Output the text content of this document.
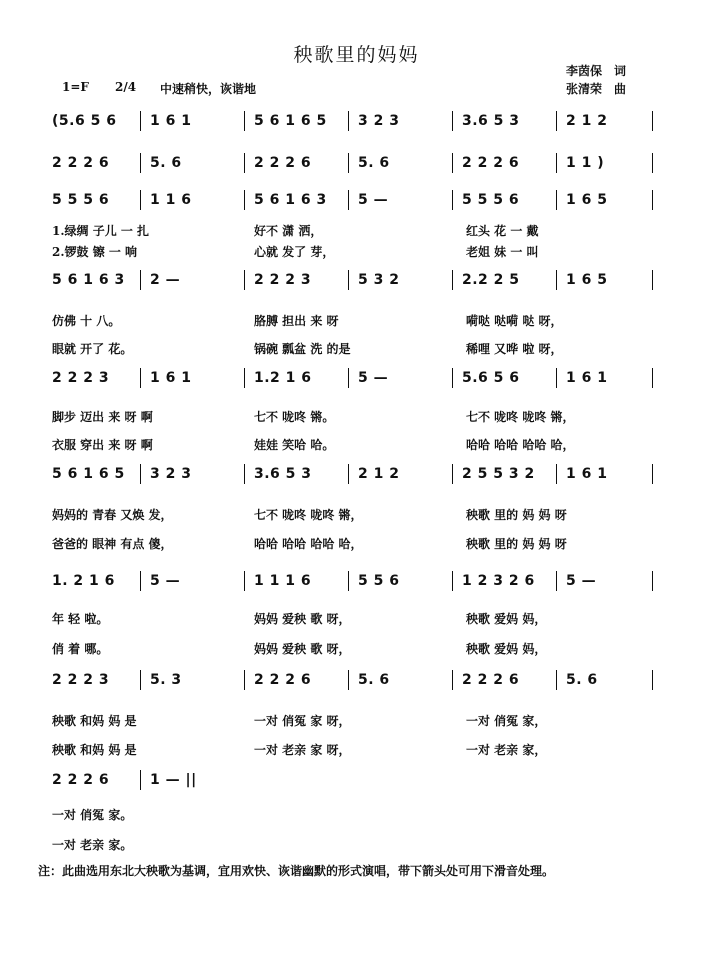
秧歌里的妈妈
李茵保　词
张清荣　曲
1=F 2/4 中速稍快，诙谐地
(5.6 5 6 1 6 1	5 6 1 6 5 3 2 3	3.6 5 3	2 1 2
2 2 2 6	5. 6	2 2 2 6	5. 6	2 2 2 6	1 1 )
5 5 5 6	1 1 6	5 6 1 6 3 5 —	5 5 5 6	1 6 5
1.绿绸 子儿 一 扎	好不 潇 洒，	红头 花 一 戴
2.锣鼓 镲 一 响	心就 发了 芽，	老姐 妹 一 叫
5 6 1 6 3 2 —	2 2 2 3	5 3 2	2.2 2 5	1 6 5
仿佛 十 八。	胳膊 担出 来 呀	嗬哒 哒嗬 哒 呀，
眼就 开了 花。	锅碗 瓢盆 洗 的是	稀哩 又哗 啦 呀，
2 2 2 3	1 6 1	1.2 1 6	5 —	5.6 5 6	1 6 1
脚步 迈出 来 呀 啊	七不 咙咚 锵。	七不 咙咚 咙咚 锵，
衣服 穿出 来 呀 啊	娃娃 笑哈 哈。	哈哈 哈哈 哈哈 哈，
5 6 1 6 5 3 2 3	3.6 5 3	2 1 2	2 5 5 3 2 1 6 1
妈妈的 青春 又焕 发，	七不 咙咚 咙咚 锵，	秧歌 里的 妈 妈 呀
爸爸的 眼神 有点 傻，	哈哈 哈哈 哈哈 哈，	秧歌 里的 妈 妈 呀
1. 2 1 6	5 —	1 1 1 6	5 5 6	1 2 3 2 6 5 —
年 轻 啦。	妈妈 爱秧 歌 呀，	秧歌 爱妈 妈，
俏 着 哪。	妈妈 爱秧 歌 呀，	秧歌 爱妈 妈，
2 2 2 3	5. 3	2 2 2 6	5. 6	2 2 2 6	5. 6
秧歌 和妈 妈 是	一对 俏冤 家 呀，	一对 俏冤 家，
秧歌 和妈 妈 是	一对 老亲 家 呀，	一对 老亲 家，
2 2 2 6	1 — ||
一对 俏冤 家。
一对 老亲 家。
注：此曲选用东北大秧歌为基调，宜用欢快、诙谐幽默的形式演唱，带下箭头处可用下滑音处理。
